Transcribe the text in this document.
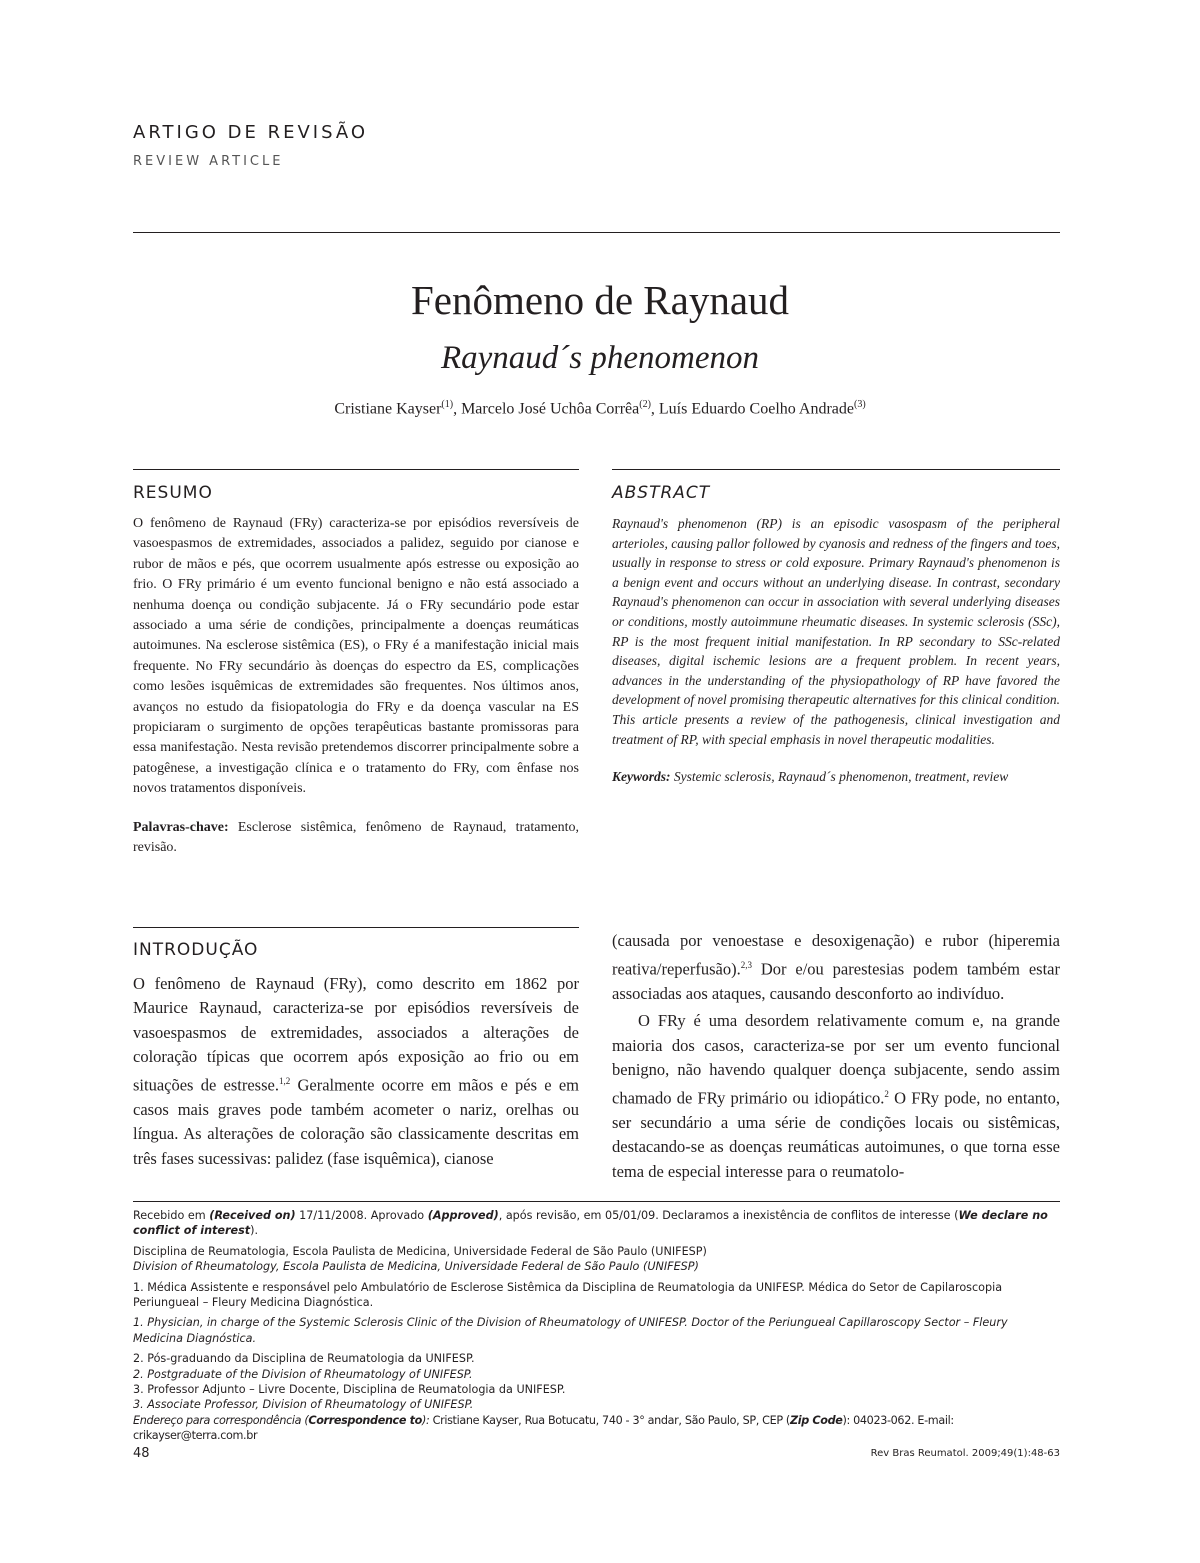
ARTIGO DE REVISÃO
REVIEW ARTICLE
Fenômeno de Raynaud
Raynaud´s phenomenon
Cristiane Kayser$^{(1)}$, Marcelo José Uchôa Corrêa$^{(2)}$, Luís Eduardo Coelho Andrade$^{(3)}$
RESUMO

O fenômeno de Raynaud (FRy) caracteriza-se por episódios reversíveis de vasoespasmos de extremidades, associados a palidez, seguido por cianose e rubor de mãos e pés, que ocorrem usualmente após estresse ou exposição ao frio. O FRy primário é um evento funcional benigno e não está associado a nenhuma doença ou condição subjacente. Já o FRy secundário pode estar associado a uma série de condições, principalmente a doenças reumáticas autoimunes. Na esclerose sistêmica (ES), o FRy é a manifestação inicial mais frequente. No FRy secundário às doenças do espectro da ES, complicações como lesões isquêmicas de extremidades são frequentes. Nos últimos anos, avanços no estudo da fisiopatologia do FRy e da doença vascular na ES propiciaram o surgimento de opções terapêuticas bastante promissoras para essa manifestação. Nesta revisão pretendemos discorrer principalmente sobre a patogênese, a investigação clínica e o tratamento do FRy, com ênfase nos novos tratamentos disponíveis.

Palavras-chave: Esclerose sistêmica, fenômeno de Raynaud, tratamento, revisão.

ABSTRACT

Raynaud's phenomenon (RP) is an episodic vasospasm of the peripheral arterioles, causing pallor followed by cyanosis and redness of the fingers and toes, usually in response to stress or cold exposure. Primary Raynaud's phenomenon is a benign event and occurs without an underlying disease. In contrast, secondary Raynaud's phenomenon can occur in association with several underlying diseases or conditions, mostly autoimmune rheumatic diseases. In systemic sclerosis (SSc), RP is the most frequent initial manifestation. In RP secondary to SSc-related diseases, digital ischemic lesions are a frequent problem. In recent years, advances in the understanding of the physiopathology of RP have favored the development of novel promising therapeutic alternatives for this clinical condition. This article presents a review of the pathogenesis, clinical investigation and treatment of RP, with special emphasis in novel therapeutic modalities.

Keywords: Systemic sclerosis, Raynaud´s phenomenon, treatment, review

INTRODUÇÃO

O fenômeno de Raynaud (FRy), como descrito em 1862 por Maurice Raynaud, caracteriza-se por episódios reversíveis de vasoespasmos de extremidades, associados a alterações de coloração típicas que ocorrem após exposição ao frio ou em situações de estresse.$^{1,2}$ Geralmente ocorre em mãos e pés e em casos mais graves pode também acometer o nariz, orelhas ou língua. As alterações de coloração são classicamente descritas em três fases sucessivas: palidez (fase isquêmica), cianose

(causada por venoestase e desoxigenação) e rubor (hiperemia reativa/reperfusão).$^{2,3}$ Dor e/ou parestesias podem também estar associadas aos ataques, causando desconforto ao indivíduo.

O FRy é uma desordem relativamente comum e, na grande maioria dos casos, caracteriza-se por ser um evento funcional benigno, não havendo qualquer doença subjacente, sendo assim chamado de FRy primário ou idiopático.$^2$ O FRy pode, no entanto, ser secundário a uma série de condições locais ou sistêmicas, destacando-se as doenças reumáticas autoimunes, o que torna esse tema de especial interesse para o reumatolo-

Recebido em (Received on) 17/11/2008. Aprovado (Approved), após revisão, em 05/01/09. Declaramos a inexistência de conflitos de interesse (We declare no conflict of interest).

Disciplina de Reumatologia, Escola Paulista de Medicina, Universidade Federal de São Paulo (UNIFESP)

Division of Rheumatology, Escola Paulista de Medicina, Universidade Federal de São Paulo (UNIFESP)

1. Médica Assistente e responsável pelo Ambulatório de Esclerose Sistêmica da Disciplina de Reumatologia da UNIFESP. Médica do Setor de Capilaroscopia Periungueal – Fleury Medicina Diagnóstica.

1. Physician, in charge of the Systemic Sclerosis Clinic of the Division of Rheumatology of UNIFESP. Doctor of the Periungueal Capillaroscopy Sector – Fleury Medicina Diagnóstica.

2. Pós-graduando da Disciplina de Reumatologia da UNIFESP.

2. Postgraduate of the Division of Rheumatology of UNIFESP.

3. Professor Adjunto – Livre Docente, Disciplina de Reumatologia da UNIFESP.

3. Associate Professor, Division of Rheumatology of UNIFESP.

Endereço para correspondência (Correspondence to): Cristiane Kayser, Rua Botucatu, 740 - 3° andar, São Paulo, SP, CEP (Zip Code): 04023-062. E-mail: crikayser@terra.com.br

48	Rev Bras Reumatol. 2009;49(1):48-63
